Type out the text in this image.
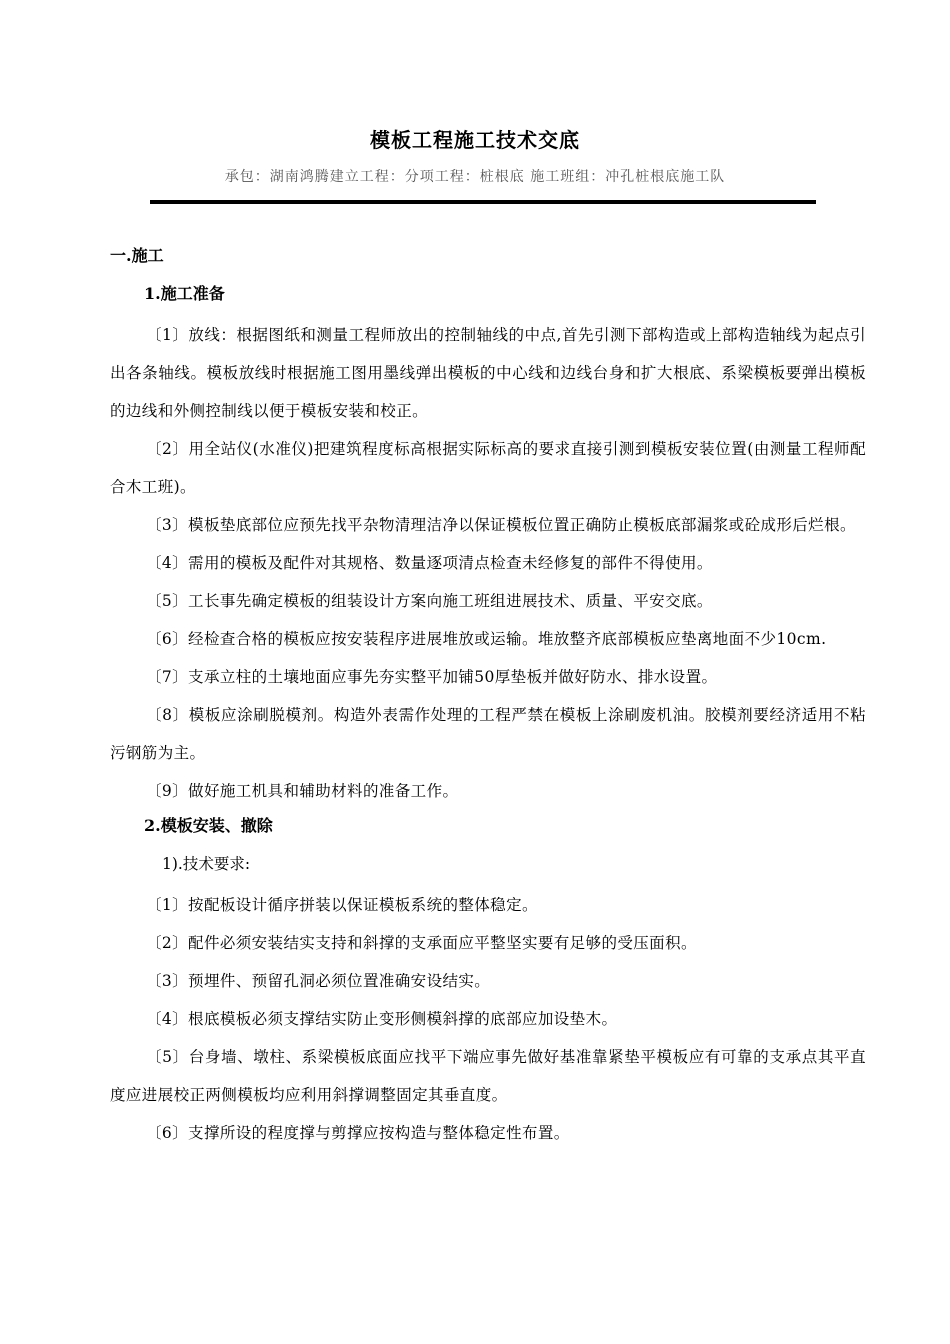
模板工程施工技术交底
承包：湖南鸿腾建立工程：分项工程：桩根底 施工班组：冲孔桩根底施工队
一.施工
1.施工准备
〔1〕放线：根据图纸和测量工程师放出的控制轴线的中点,首先引测下部构造或上部构造轴线为起点引出各条轴线。模板放线时根据施工图用墨线弹出模板的中心线和边线台身和扩大根底、系梁模板要弹出模板的边线和外侧控制线以便于模板安装和校正。
〔2〕用全站仪(水准仪)把建筑程度标高根据实际标高的要求直接引测到模板安装位置(由测量工程师配合木工班)。
〔3〕模板垫底部位应预先找平杂物清理洁净以保证模板位置正确防止模板底部漏浆或砼成形后烂根。
〔4〕需用的模板及配件对其规格、数量逐项清点检查未经修复的部件不得使用。
〔5〕工长事先确定模板的组装设计方案向施工班组进展技术、质量、平安交底。
〔6〕经检查合格的模板应按安装程序进展堆放或运输。堆放整齐底部模板应垫离地面不少10cm.
〔7〕支承立柱的土壤地面应事先夯实整平加铺50厚垫板并做好防水、排水设置。
〔8〕模板应涂刷脱模剂。构造外表需作处理的工程严禁在模板上涂刷废机油。胶模剂要经济适用不粘污钢筋为主。
〔9〕做好施工机具和辅助材料的准备工作。
2.模板安装、撤除
1).技术要求:
〔1〕按配板设计循序拼装以保证模板系统的整体稳定。
〔2〕配件必须安装结实支持和斜撑的支承面应平整坚实要有足够的受压面积。
〔3〕预埋件、预留孔洞必须位置准确安设结实。
〔4〕根底模板必须支撑结实防止变形侧模斜撑的底部应加设垫木。
〔5〕台身墙、墩柱、系梁模板底面应找平下端应事先做好基准靠紧垫平模板应有可靠的支承点其平直度应进展校正两侧模板均应利用斜撑调整固定其垂直度。
〔6〕支撑所设的程度撑与剪撑应按构造与整体稳定性布置。
